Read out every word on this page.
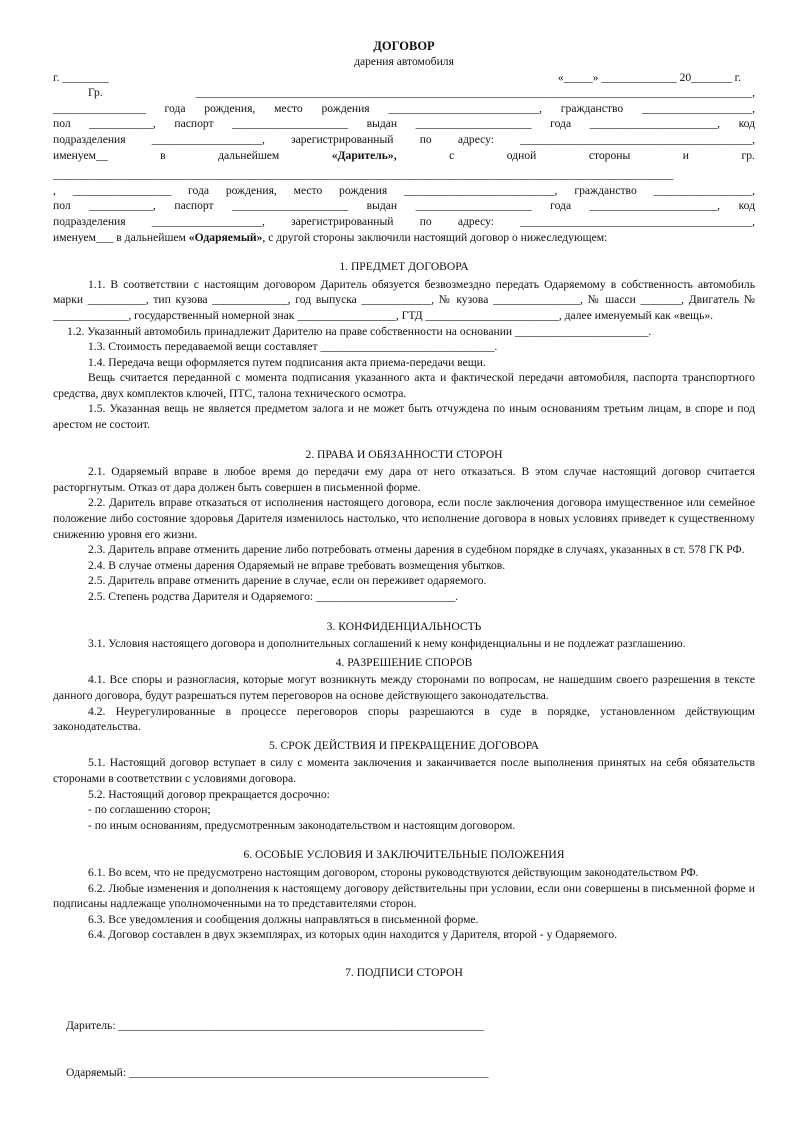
ДОГОВОР
дарения автомобиля
г. ________	«_____» _____________ 20_______ г.
Гр. ________________________________________________________________________________________________,
________________ года рождения, место рождения __________________________, гражданство ___________________,
пол ___________, паспорт ____________________ выдан ____________________ года ______________________, код
подразделения ___________________, зарегистрированный по адресу: ________________________________________,
именуем__	в	дальнейшем	«Даритель»,	с	одной	стороны	и	гр.
___________________________________________________________________________________________________________
, _________________ года рождения, место рождения __________________________, гражданство _________________,
пол ___________, паспорт ____________________ выдан ____________________ года ______________________, код
подразделения ___________________, зарегистрированный по адресу: ________________________________________,
именуем___ в дальнейшем «Одаряемый», с другой стороны заключили настоящий договор о нижеследующем:
1. ПРЕДМЕТ ДОГОВОРА
1.1. В соответствии с настоящим договором Даритель обязуется безвозмездно передать Одаряемому в собственность автомобиль марки __________, тип кузова _____________, год выпуска ____________, № кузова _______________, № шасси _______, Двигатель № _____________, государственный номерной знак _________________, ГТД _______________________, далее именуемый как «вещь».
1.2. Указанный автомобиль принадлежит Дарителю на праве собственности на основании _______________________.
1.3. Стоимость передаваемой вещи составляет ______________________________.
1.4. Передача вещи оформляется путем подписания акта приема-передачи вещи.
Вещь считается переданной с момента подписания указанного акта и фактической передачи автомобиля, паспорта транспортного средства, двух комплектов ключей, ПТС, талона технического осмотра.
1.5. Указанная вещь не является предметом залога и не может быть отчуждена по иным основаниям третьим лицам, в споре и под арестом не состоит.
2. ПРАВА И ОБЯЗАННОСТИ СТОРОН
2.1. Одаряемый вправе в любое время до передачи ему дара от него отказаться. В этом случае настоящий договор считается расторгнутым. Отказ от дара должен быть совершен в письменной форме.
2.2. Даритель вправе отказаться от исполнения настоящего договора, если после заключения договора имущественное или семейное положение либо состояние здоровья Дарителя изменилось настолько, что исполнение договора в новых условиях приведет к существенному снижению уровня его жизни.
2.3. Даритель вправе отменить дарение либо потребовать отмены дарения в судебном порядке в случаях, указанных в ст. 578 ГК РФ.
2.4. В случае отмены дарения Одаряемый не вправе требовать возмещения убытков.
2.5. Даритель вправе отменить дарение в случае, если он переживет одаряемого.
2.5. Степень родства Дарителя и Одаряемого: ________________________.
3. КОНФИДЕНЦИАЛЬНОСТЬ
3.1. Условия настоящего договора и дополнительных соглашений к нему конфиденциальны и не подлежат разглашению.
4. РАЗРЕШЕНИЕ СПОРОВ
4.1. Все споры и разногласия, которые могут возникнуть между сторонами по вопросам, не нашедшим своего разрешения в тексте данного договора, будут разрешаться путем переговоров на основе действующего законодательства.
4.2. Неурегулированные в процессе переговоров споры разрешаются в суде в порядке, установленном действующим законодательства.
5. СРОК ДЕЙСТВИЯ И ПРЕКРАЩЕНИЕ ДОГОВОРА
5.1. Настоящий договор вступает в силу с момента заключения и заканчивается после выполнения принятых на себя обязательств сторонами в соответствии с условиями договора.
5.2. Настоящий договор прекращается досрочно:
- по соглашению сторон;
- по иным основаниям, предусмотренным законодательством и настоящим договором.
6. ОСОБЫЕ УСЛОВИЯ И ЗАКЛЮЧИТЕЛЬНЫЕ ПОЛОЖЕНИЯ
6.1. Во всем, что не предусмотрено настоящим договором, стороны руководствуются действующим законодательством РФ.
6.2. Любые изменения и дополнения к настоящему договору действительны при условии, если они совершены в письменной форме и подписаны надлежаще уполномоченными на то представителями сторон.
6.3. Все уведомления и сообщения должны направляться в письменной форме.
6.4. Договор составлен в двух экземплярах, из которых один находится у Дарителя, второй - у Одаряемого.
7. ПОДПИСИ СТОРОН
Даритель: _______________________________________________________________
Одаряемый: ______________________________________________________________
